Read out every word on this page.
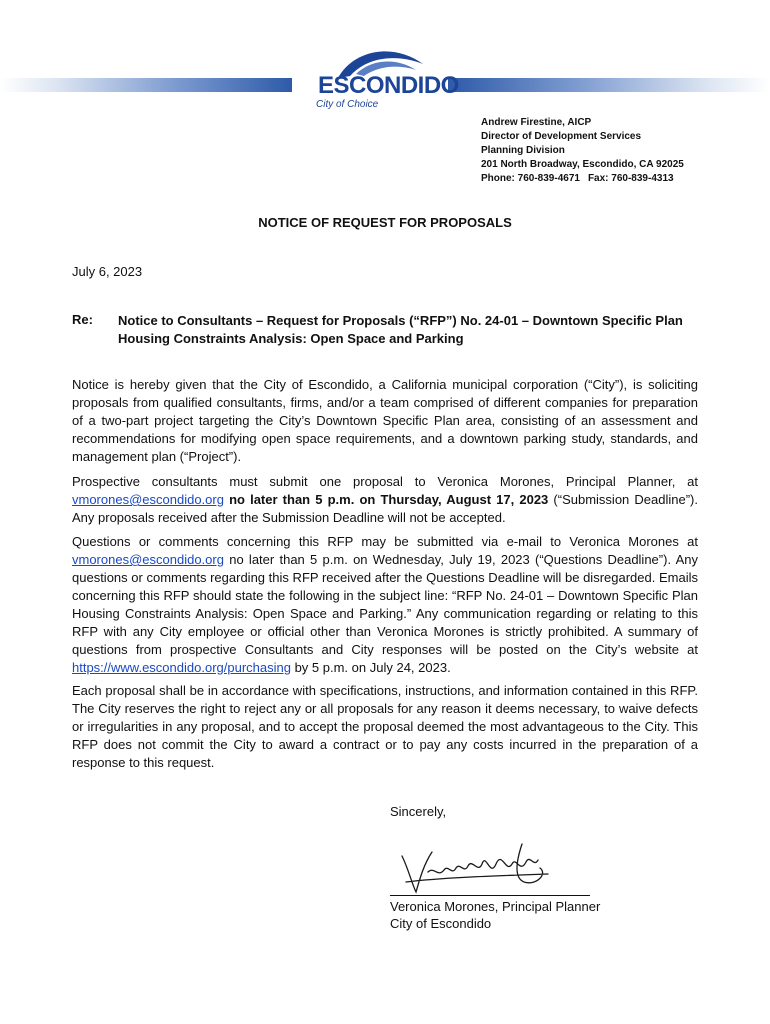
ESCONDIDO
City of Choice
Andrew Firestine, AICP
Director of Development Services
Planning Division
201 North Broadway, Escondido, CA 92025
Phone: 760-839-4671 Fax: 760-839-4313
NOTICE OF REQUEST FOR PROPOSALS
July 6, 2023
Re: Notice to Consultants – Request for Proposals (“RFP”) No. 24-01 – Downtown Specific Plan Housing Constraints Analysis: Open Space and Parking

Notice is hereby given that the City of Escondido, a California municipal corporation (“City”), is soliciting proposals from qualified consultants, firms, and/or a team comprised of different companies for preparation of a two-part project targeting the City’s Downtown Specific Plan area, consisting of an assessment and recommendations for modifying open space requirements, and a downtown parking study, standards, and management plan (“Project”).

Prospective consultants must submit one proposal to Veronica Morones, Principal Planner, at vmorones@escondido.org no later than 5 p.m. on Thursday, August 17, 2023 (“Submission Deadline”). Any proposals received after the Submission Deadline will not be accepted.

Questions or comments concerning this RFP may be submitted via e-mail to Veronica Morones at vmorones@escondido.org no later than 5 p.m. on Wednesday, July 19, 2023 (“Questions Deadline”). Any questions or comments regarding this RFP received after the Questions Deadline will be disregarded. Emails concerning this RFP should state the following in the subject line: “RFP No. 24-01 – Downtown Specific Plan Housing Constraints Analysis: Open Space and Parking.” Any communication regarding or relating to this RFP with any City employee or official other than Veronica Morones is strictly prohibited. A summary of questions from prospective Consultants and City responses will be posted on the City’s website at https://www.escondido.org/purchasing by 5 p.m. on July 24, 2023.

Each proposal shall be in accordance with specifications, instructions, and information contained in this RFP. The City reserves the right to reject any or all proposals for any reason it deems necessary, to waive defects or irregularities in any proposal, and to accept the proposal deemed the most advantageous to the City. This RFP does not commit the City to award a contract or to pay any costs incurred in the preparation of a response to this request.

Sincerely,
Veronica Morones, Principal Planner
City of Escondido
